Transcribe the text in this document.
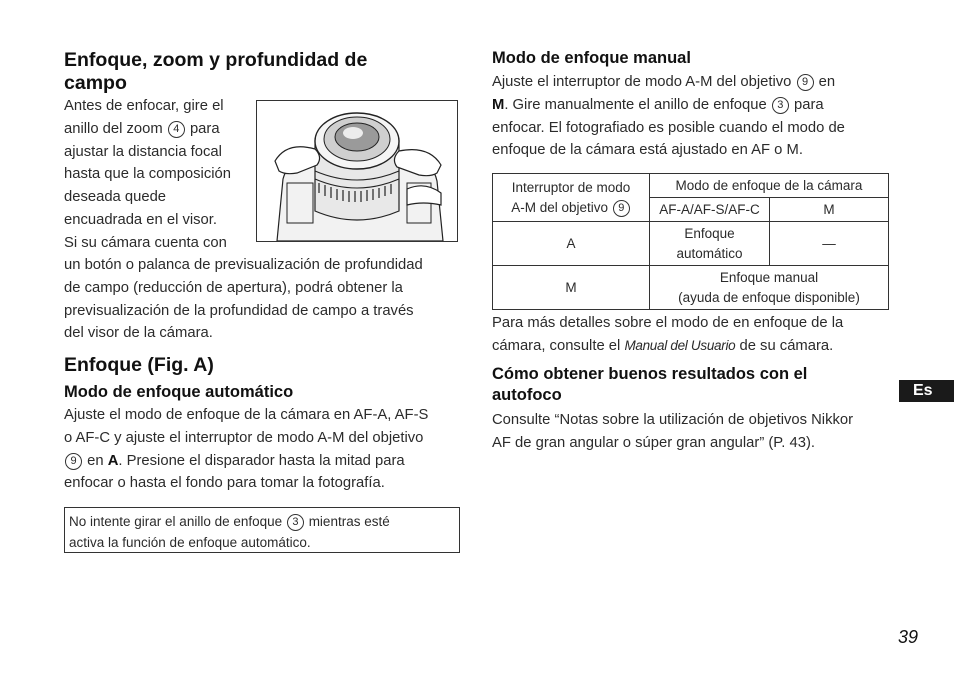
Enfoque, zoom y profundidad de
campo
Antes de enfocar, gire el
anillo del zoom 4 para
ajustar la distancia focal
hasta que la composición
deseada quede
encuadrada en el visor.
Si su cámara cuenta con
un botón o palanca de previsualización de profundidad
de campo (reducción de apertura), podrá obtener la
previsualización de la profundidad de campo a través
del visor de la cámara.
Enfoque (Fig. A)
Modo de enfoque automático
Ajuste el modo de enfoque de la cámara en AF-A, AF-S
o AF-C y ajuste el interruptor de modo A-M del objetivo
9 en A. Presione el disparador hasta la mitad para
enfocar o hasta el fondo para tomar la fotografía.
No intente girar el anillo de enfoque 3 mientras esté
activa la función de enfoque automático.
Modo de enfoque manual
Ajuste el interruptor de modo A-M del objetivo 9 en
M. Gire manualmente el anillo de enfoque 3 para
enfocar. El fotografiado es posible cuando el modo de
enfoque de la cámara está ajustado en AF o M.
Interruptor de modo
A-M del objetivo 9	Modo de enfoque de la cámara	
	AF-A/AF-S/AF-C	M
A	Enfoque
automático	—
M	Enfoque manual
(ayuda de enfoque disponible)	
Para más detalles sobre el modo de en enfoque de la
cámara, consulte el Manual del Usuario de su cámara.
Cómo obtener buenos resultados con el
autofoco
Consulte “Notas sobre la utilización de objetivos Nikkor
AF de gran angular o súper gran angular” (P. 43).
Es
39
